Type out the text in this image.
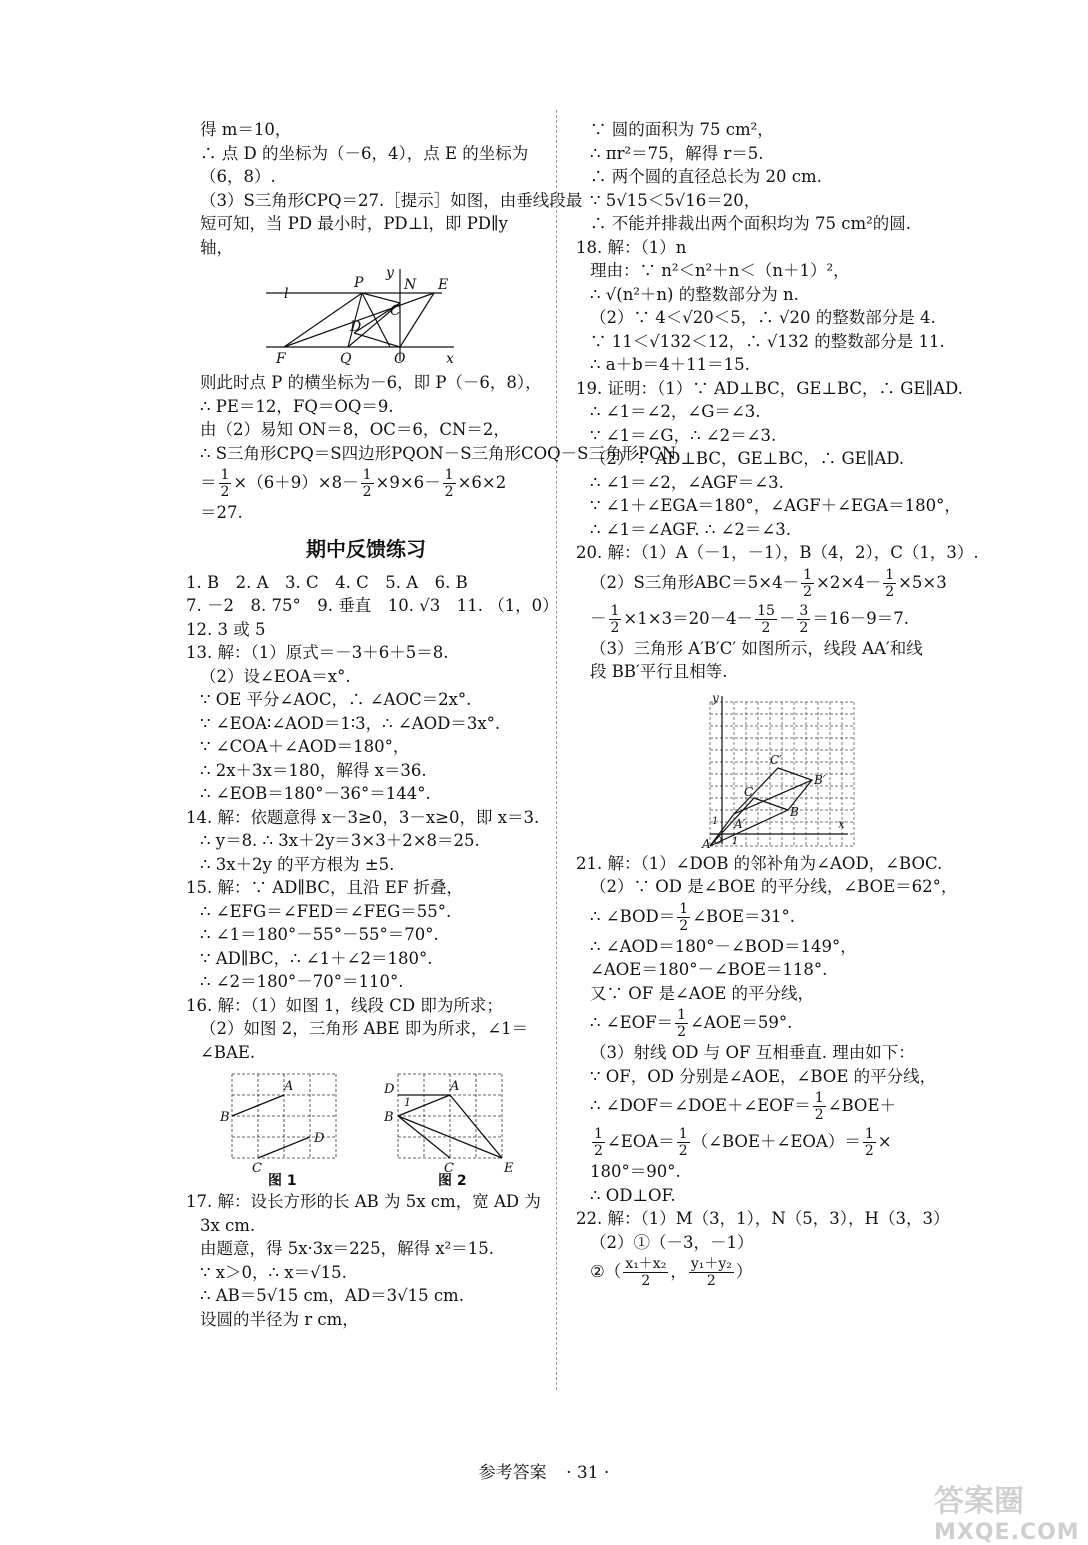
得 m＝10，
∴ 点 D 的坐标为（－6，4），点 E 的坐标为
（6，8）.
（3）S三角形CPQ＝27.［提示］如图，由垂线段最
短可知，当 PD 最小时，PD⊥l，即 PD∥y
轴，
y
l
P	N E
C
D
F	Q	O	x
则此时点 P 的横坐标为－6，即 P（－6，8），
∴ PE＝12，FQ＝OQ＝9.
由（2）易知 ON＝8，OC＝6，CN＝2，
∴ S三角形CPQ＝S四边形PQON－S三角形COQ－S三角形PCN
＝ $\frac{1}{2} \times(6+9)\times 8- \frac{1}{2} \times 9\times 6- \frac{1}{2} \times 6\times 2$
＝27.
期中反馈练习
1. B　2. A　3. C　4. C　5. A　6. B
7. －2　8. 75°　9. 垂直　10. √3　11. （1，0）
12. 3 或 5
13. 解：（1）原式＝－3＋6＋5＝8.
（2）设∠EOA＝x°.
∵ OE 平分∠AOC，∴ ∠AOC＝2x°.
∵ ∠EOA∶∠AOD＝1∶3，∴ ∠AOD＝3x°.
∵ ∠COA＋∠AOD＝180°，
∴ 2x＋3x＝180，解得 x＝36.
∴ ∠EOB＝180°－36°＝144°.
14. 解：依题意得 x－3≥0，3－x≥0，即 x＝3.
∴ y＝8. ∴ 3x＋2y＝3×3＋2×8＝25.
∴ 3x＋2y 的平方根为 ±5.
15. 解：∵ AD∥BC，且沿 EF 折叠，
∴ ∠EFG＝∠FED＝∠FEG＝55°.
∴ ∠1＝180°－55°－55°＝70°.
∵ AD∥BC，∴ ∠1＋∠2＝180°.
∴ ∠2＝180°－70°＝110°.
16. 解：（1）如图 1，线段 CD 即为所求；
（2）如图 2，三角形 ABE 即为所求，∠1＝
∠BAE.
A
B
C
D
D
1
A
B
C	E
图 1	图 2
17. 解：设长方形的长 AB 为 5x cm，宽 AD 为
3x cm.
由题意，得 5x·3x＝225，解得 x²＝15.
∵ x＞0，∴ x＝√15.
∴ AB＝5√15 cm，AD＝3√15 cm.
设圆的半径为 r cm，
∵ 圆的面积为 75 cm²，
∴ πr²＝75，解得 r＝5.
∴ 两个圆的直径总长为 20 cm.
∵ 5√15＜5√16＝20，
∴ 不能并排裁出两个面积均为 75 cm²的圆.
18. 解：（1）n
理由：∵ n²＜n²＋n＜（n＋1）²，
∴ √(n²＋n) 的整数部分为 n.
（2）∵ 4＜√20＜5，∴ √20 的整数部分是 4.
∵ 11＜√132＜12，∴ √132 的整数部分是 11.
∴ a＋b＝4＋11＝15.
19. 证明：（1）∵ AD⊥BC，GE⊥BC，∴ GE∥AD.
∴ ∠1＝∠2，∠G＝∠3.
∵ ∠1＝∠G，∴ ∠2＝∠3.
（2）∵ AD⊥BC，GE⊥BC，∴ GE∥AD.
∴ ∠1＝∠2，∠AGF＝∠3.
∵ ∠1＋∠EGA＝180°，∠AGF＋∠EGA＝180°，
∴ ∠1＝∠AGF. ∴ ∠2＝∠3.
20. 解：（1）A（－1，－1），B（4，2），C（1，3）.
（2）S三角形$ABC=5\times 4- \frac{1}{2} \times 2\times 4- \frac{1}{2} \times 5\times 3$
－ $\frac{1}{2} \times 1\times 3=20-4- \frac{15}{2} - \frac{3}{2} =16-9=7$.
（3）三角形 A′B′C′ 如图所示，线段 AA′和线
段 BB′平行且相等.
y
C′
B′
C
A′
B
1
O 1
A
x
21. 解：（1）∠DOB 的邻补角为∠AOD，∠BOC.
（2）∵ OD 是∠BOE 的平分线，∠BOE＝62°，
∴ ∠BOD＝ $\frac{1}{2}$ ∠BOE＝31°.
∴ ∠AOD＝180°－∠BOD＝149°，
∠AOE＝180°－∠BOE＝118°.
又∵ OF 是∠AOE 的平分线，
∴ ∠EOF＝ $\frac{1}{2}$ ∠AOE＝59°.
（3）射线 OD 与 OF 互相垂直. 理由如下：
∵ OF，OD 分别是∠AOE，∠BOE 的平分线，
∴ ∠DOF＝∠DOE＋∠EOF＝ $\frac{1}{2}$ ∠BOE＋
$\frac{1}{2}$ ∠EOA＝ $\frac{1}{2}$ （∠BOE＋∠EOA）＝ $\frac{1}{2}$ ×
180°＝90°.
∴ OD⊥OF.
22. 解：（1）M（3，1），N（5，3），H（3，3）
（2）①（－3，－1）
②（ $\frac{\text{x₁＋x₂}}{2}$ ， $\frac{\text{y₁＋y₂}}{2}$ ）
参考答案 · 31 ·
答案圈
MXQE.COM
